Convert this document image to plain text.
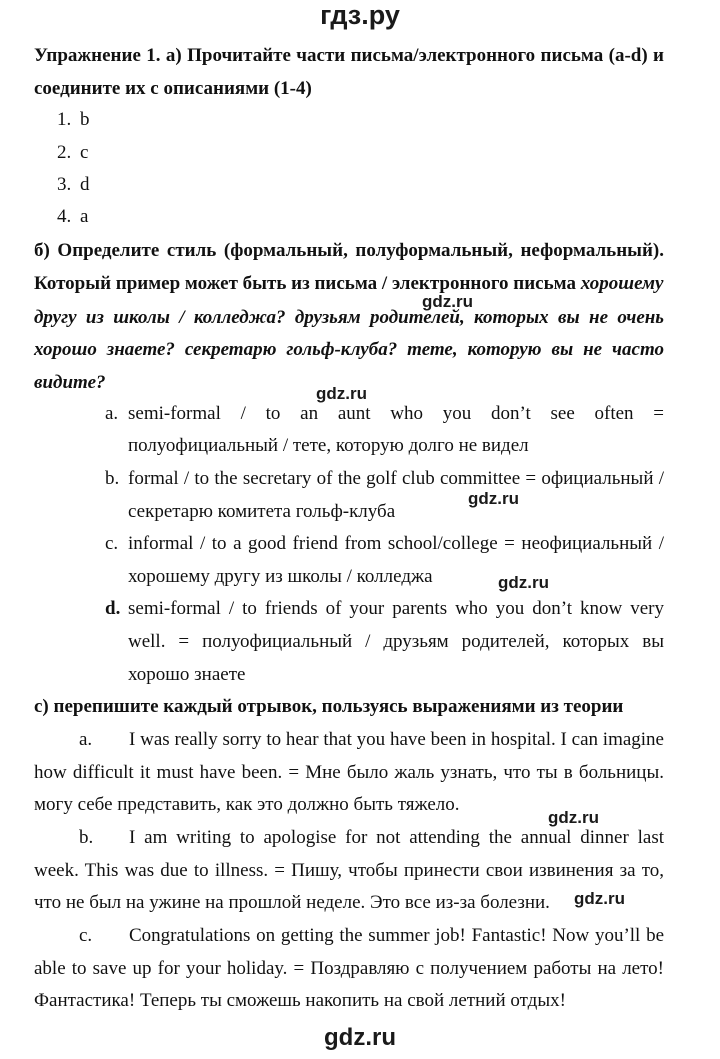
гдз.ру
Упражнение 1. а) Прочитайте части письма/электронного письма (a-d) и
соедините их с описаниями (1-4)
1. b
2. c
3. d
4. a
б) Определите стиль (формальный, полуформальный, неформальный).
Который пример может быть из письма / электронного письма хорошему
gdz.ru
другу из школы / колледжа? друзьям родителей, которых вы не очень
хорошо знаете? секретарю гольф-клуба? тете, которую вы не часто
видите?
gdz.ru
a. semi-formal / to an aunt who you don’t see often =
полуофициальный / тете, которую долго не видел
b. formal / to the secretary of the golf club committee = официальный /
секретарю комитета гольф-клуба
gdz.ru
c. informal / to a good friend from school/college = неофициальный /
хорошему другу из школы / колледжа	gdz.ru
d. semi-formal / to friends of your parents who you don’t know very
well. = полуофициальный / друзьям родителей, которых вы
хорошо знаете
с) перепишите каждый отрывок, пользуясь выражениями из теории
a. I was really sorry to hear that you have been in hospital. I can imagine
how difficult it must have been. = Мне было жаль узнать, что ты в больницы.
могу себе представить, как это должно быть тяжело.
gdz.ru
b. I am writing to apologise for not attending the annual dinner last
week. This was due to illness. = Пишу, чтобы принести свои извинения за то,
что не был на ужине на прошлой неделе. Это все из-за болезни. gdz.ru
c. Congratulations on getting the summer job! Fantastic! Now you’ll be
able to save up for your holiday. = Поздравляю с получением работы на лето!
Фантастика! Теперь ты сможешь накопить на свой летний отдых!
gdz.ru
